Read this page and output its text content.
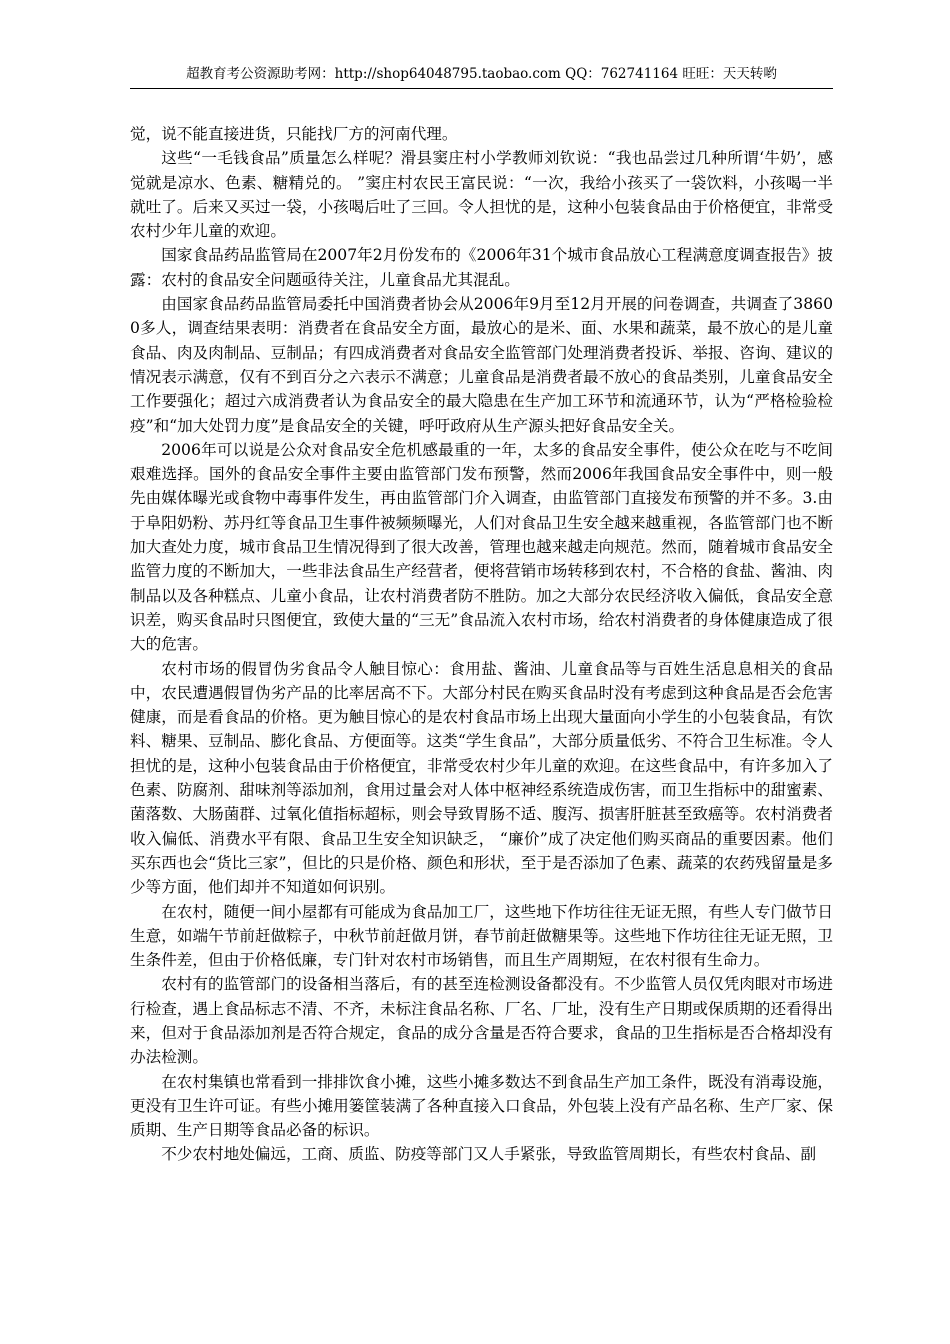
超教育考公资源助考网：http://shop64048795.taobao.com QQ：762741164 旺旺：天天转哟

觉，说不能直接进货，只能找厂方的河南代理。

这些“一毛钱食品”质量怎么样呢？滑县窦庄村小学教师刘钦说：“我也品尝过几种所谓‘牛奶’，感觉就是凉水、色素、糖精兑的。 ”窦庄村农民王富民说：“一次，我给小孩买了一袋饮料，小孩喝一半就吐了。后来又买过一袋，小孩喝后吐了三回。令人担忧的是，这种小包装食品由于价格便宜，非常受农村少年儿童的欢迎。

国家食品药品监管局在2007年2月份发布的《2006年31个城市食品放心工程满意度调查报告》披露：农村的食品安全问题亟待关注，儿童食品尤其混乱。

由国家食品药品监管局委托中国消费者协会从2006年9月至12月开展的问卷调查，共调查了38600多人，调查结果表明：消费者在食品安全方面，最放心的是米、面、水果和蔬菜，最不放心的是儿童食品、肉及肉制品、豆制品；有四成消费者对食品安全监管部门处理消费者投诉、举报、咨询、建议的情况表示满意，仅有不到百分之六表示不满意；儿童食品是消费者最不放心的食品类别，儿童食品安全工作要强化；超过六成消费者认为食品安全的最大隐患在生产加工环节和流通环节，认为“严格检验检疫”和“加大处罚力度”是食品安全的关键，呼吁政府从生产源头把好食品安全关。

2006年可以说是公众对食品安全危机感最重的一年，太多的食品安全事件，使公众在吃与不吃间艰难选择。国外的食品安全事件主要由监管部门发布预警，然而2006年我国食品安全事件中，则一般先由媒体曝光或食物中毒事件发生，再由监管部门介入调查，由监管部门直接发布预警的并不多。3.由于阜阳奶粉、苏丹红等食品卫生事件被频频曝光，人们对食品卫生安全越来越重视，各监管部门也不断加大查处力度，城市食品卫生情况得到了很大改善，管理也越来越走向规范。然而，随着城市食品安全监管力度的不断加大，一些非法食品生产经营者，便将营销市场转移到农村，不合格的食盐、酱油、肉制品以及各种糕点、儿童小食品，让农村消费者防不胜防。加之大部分农民经济收入偏低，食品安全意识差，购买食品时只图便宜，致使大量的“三无”食品流入农村市场，给农村消费者的身体健康造成了很大的危害。

农村市场的假冒伪劣食品令人触目惊心：食用盐、酱油、儿童食品等与百姓生活息息相关的食品中，农民遭遇假冒伪劣产品的比率居高不下。大部分村民在购买食品时没有考虑到这种食品是否会危害健康，而是看食品的价格。更为触目惊心的是农村食品市场上出现大量面向小学生的小包装食品，有饮料、糖果、豆制品、膨化食品、方便面等。这类“学生食品”，大部分质量低劣、不符合卫生标准。令人担忧的是，这种小包装食品由于价格便宜，非常受农村少年儿童的欢迎。在这些食品中，有许多加入了色素、防腐剂、甜味剂等添加剂，食用过量会对人体中枢神经系统造成伤害，而卫生指标中的甜蜜素、菌落数、大肠菌群、过氧化值指标超标，则会导致胃肠不适、腹泻、损害肝脏甚至致癌等。农村消费者收入偏低、消费水平有限、食品卫生安全知识缺乏， “廉价”成了决定他们购买商品的重要因素。他们买东西也会“货比三家”，但比的只是价格、颜色和形状，至于是否添加了色素、蔬菜的农药残留量是多少等方面，他们却并不知道如何识别。

在农村，随便一间小屋都有可能成为食品加工厂，这些地下作坊往往无证无照，有些人专门做节日生意，如端午节前赶做粽子，中秋节前赶做月饼，春节前赶做糖果等。这些地下作坊往往无证无照，卫生条件差，但由于价格低廉，专门针对农村市场销售，而且生产周期短，在农村很有生命力。

农村有的监管部门的设备相当落后，有的甚至连检测设备都没有。不少监管人员仅凭肉眼对市场进行检查，遇上食品标志不清、不齐，未标注食品名称、厂名、厂址，没有生产日期或保质期的还看得出来，但对于食品添加剂是否符合规定，食品的成分含量是否符合要求，食品的卫生指标是否合格却没有办法检测。

在农村集镇也常看到一排排饮食小摊，这些小摊多数达不到食品生产加工条件，既没有消毒设施，更没有卫生许可证。有些小摊用篓筐装满了各种直接入口食品，外包装上没有产品名称、生产厂家、保质期、生产日期等食品必备的标识。

不少农村地处偏远，工商、质监、防疫等部门又人手紧张，导致监管周期长，有些农村食品、副
